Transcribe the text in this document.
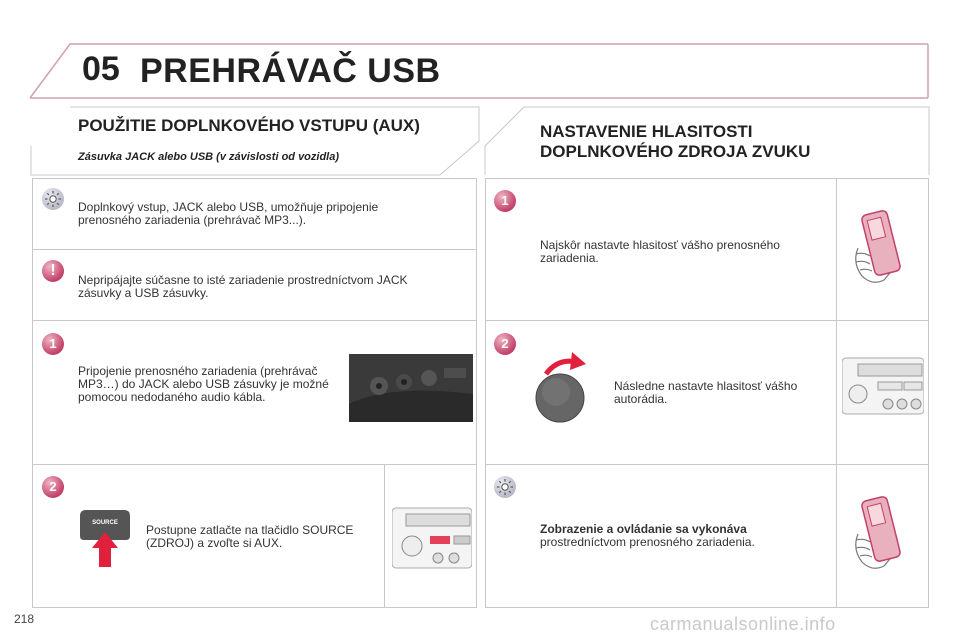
05 PREHRÁVAČ USB
POUŽITIE DOPLNKOVÉHO VSTUPU (AUX)
Zásuvka JACK alebo USB (v závislosti od vozidla)
Doplnkový vstup, JACK alebo USB, umožňuje pripojenie prenosného zariadenia (prehrávač MP3...).
!
Nepripájajte súčasne to isté zariadenie prostredníctvom JACK zásuvky a USB zásuvky.
1
Pripojenie prenosného zariadenia (prehrávač MP3…) do JACK alebo USB zásuvky je možné pomocou nedodaného audio kábla.
2
SOURCE	Postupne zatlačte na tlačidlo SOURCE (ZDROJ) a zvoľte si AUX.
NASTAVENIE HLASITOSTI
DOPLNKOVÉHO ZDROJA ZVUKU
1
Najskôr nastavte hlasitosť vášho prenosného zariadenia.
2
Následne nastavte hlasitosť vášho autorádia.
Zobrazenie a ovládanie sa vykonáva
prostredníctvom prenosného zariadenia.
218	carmanualsonline.info
